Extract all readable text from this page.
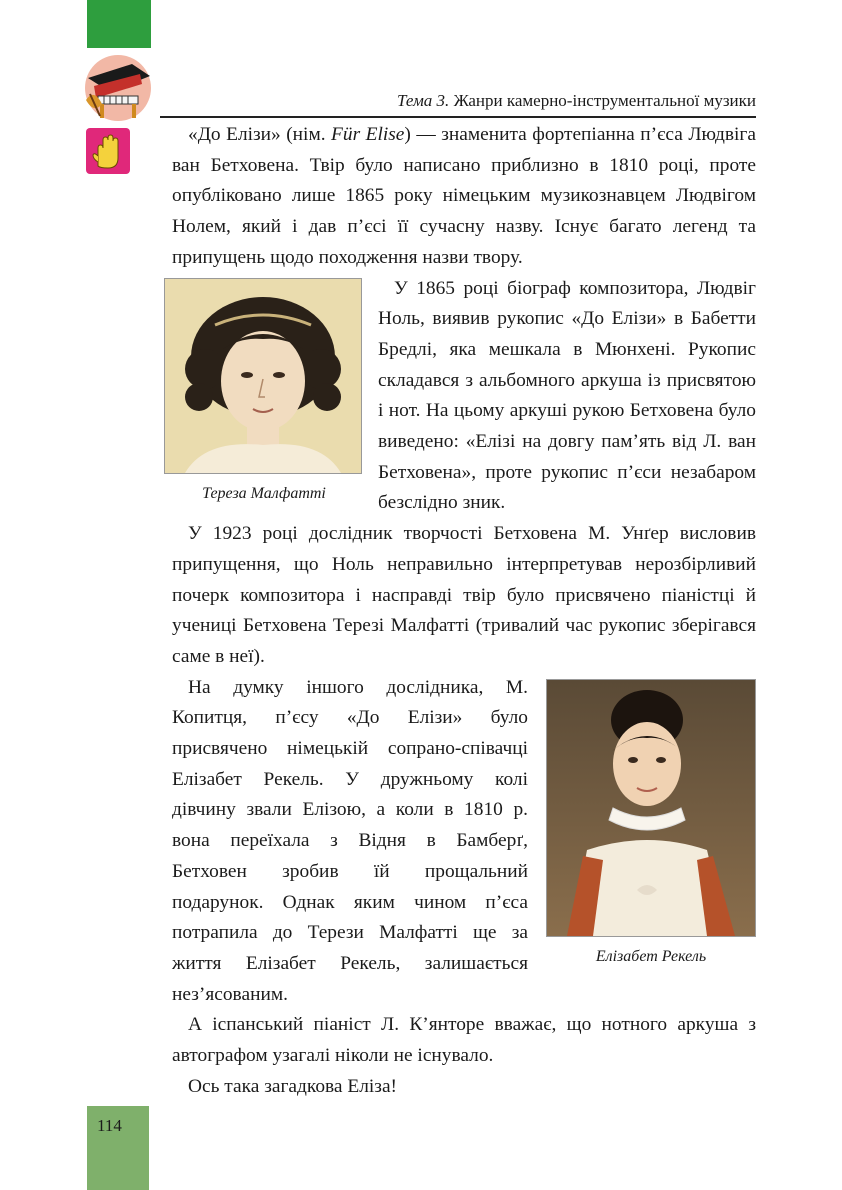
Тема 3. Жанри камерно-інструментальної музики

«До Елізи» (нім. Für Elise) — знаменита фортепіанна п’єса Людвіга ван Бетховена. Твір було написано приблизно в 1810 році, проте опубліковано лише 1865 року німецьким музикознавцем Людвігом Нолем, який і дав п’єсі її сучасну назву. Існує багато легенд та припущень щодо походження назви твору.

Тереза Малфатті

У 1865 році біограф композитора, Людвіг Ноль, виявив рукопис «До Елізи» в Бабетти Бредлі, яка мешкала в Мюнхені. Рукопис складався з альбомного аркуша із присвятою і нот. На цьому аркуші рукою Бетховена було виведено: «Елізі на довгу пам’ять від Л. ван Бетховена», проте рукопис п’єси незабаром безслідно зник.

У 1923 році дослідник творчості Бетховена М. Унґер висловив припущення, що Ноль неправильно інтерпретував нерозбірливий почерк композитора і насправді твір було присвячено піаністці й учениці Бетховена Терезі Малфатті (тривалий час рукопис зберігався саме в неї).

Елізабет Рекель

На думку іншого дослідника, М. Копитця, п’єсу «До Елізи» було присвячено німецькій сопрано-співачці Елізабет Рекель. У дружньому колі дівчину звали Елізою, а коли в 1810 р. вона переїхала з Відня в Бамберґ, Бетховен зробив їй прощальний подарунок. Однак яким чином п’єса потрапила до Терези Малфатті ще за життя Елізабет Рекель, залишається нез’ясованим.

А іспанський піаніст Л. К’янторе вважає, що нотного аркуша з автографом узагалі ніколи не існувало.

Ось така загадкова Еліза!

114
